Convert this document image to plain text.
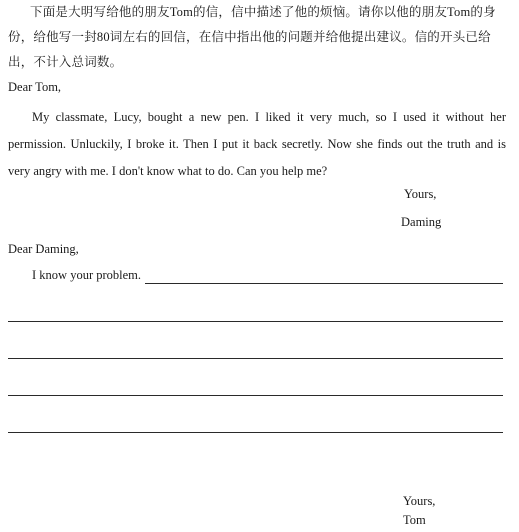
下面是大明写给他的朋友Tom的信，信中描述了他的烦恼。请你以他的朋友Tom的身份，给他写一封80词左右的回信，在信中指出他的问题并给他提出建议。信的开头已给出，不计入总词数。
Dear Tom,
My classmate, Lucy, bought a new pen. I liked it very much, so I used it without her permission. Unluckily, I broke it. Then I put it back secretly. Now she finds out the truth and is very angry with me. I don't know what to do. Can you help me?
Yours,
Daming
Dear Daming,
I know your problem.
Yours,
Tom
